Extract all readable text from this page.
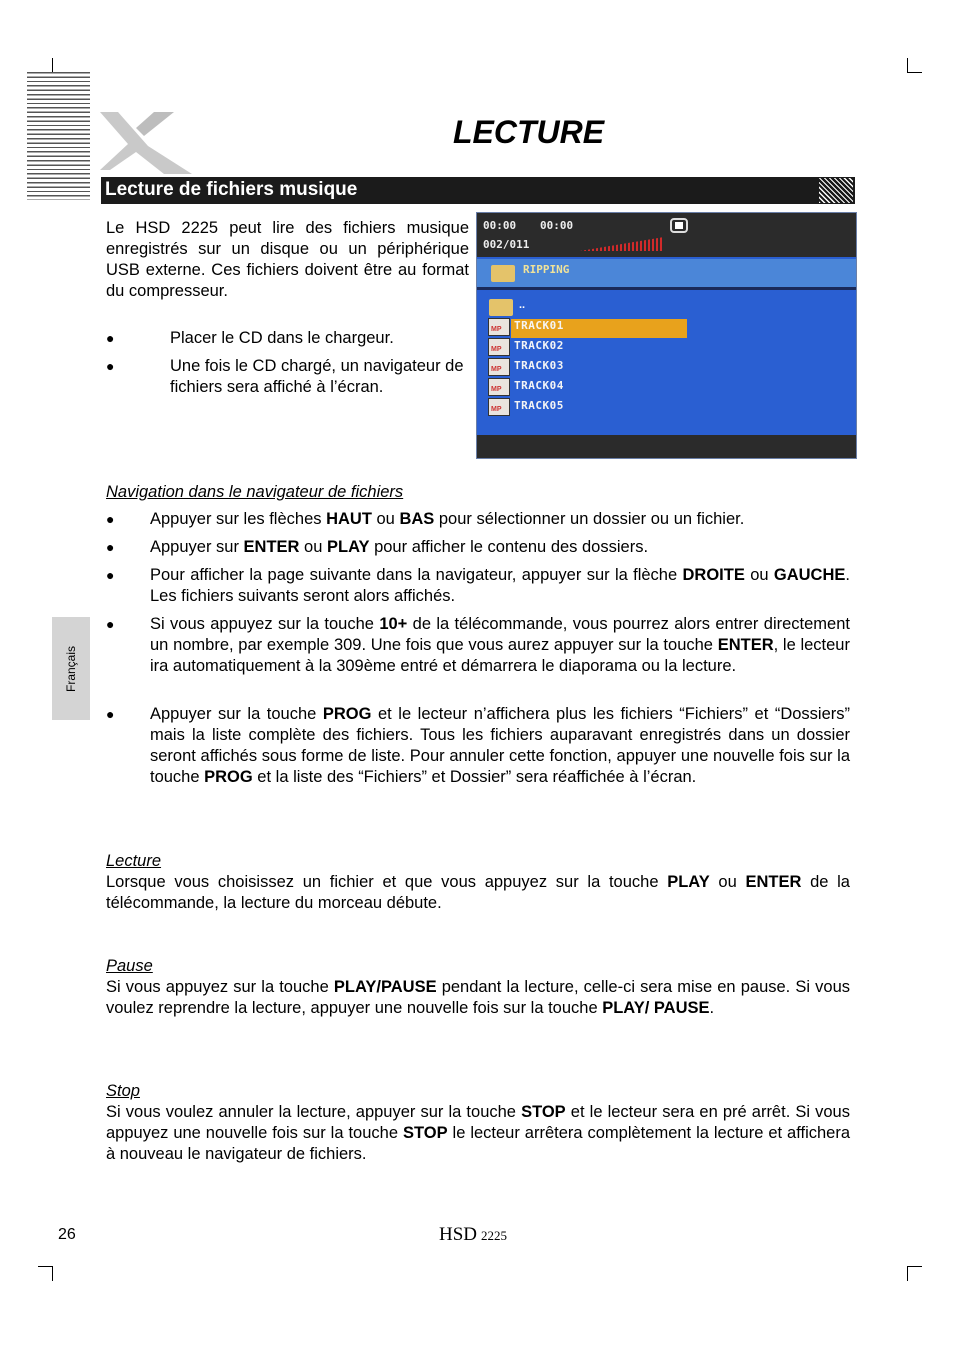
LECTURE
Lecture de fichiers musique

Le HSD 2225 peut lire des fichiers musique enregistrés sur un disque ou un périphérique USB externe. Ces fichiers doivent être au format du compresseur.

●	Placer le CD dans le chargeur.
●	Une fois le CD chargé, un navigateur de fichiers sera affiché à l’écran.
00:00 00:00
002/011
RIPPING
..
MP TRACK01
MP TRACK02
MP TRACK03
MP TRACK04
MP TRACK05
Navigation dans le navigateur de fichiers
● Appuyer sur les flèches HAUT ou BAS pour sélectionner un dossier ou un fichier.
● Appuyer sur ENTER ou PLAY pour afficher le contenu des dossiers.
● Pour afficher la page suivante dans la navigateur, appuyer sur la flèche DROITE ou GAUCHE. Les fichiers suivants seront alors affichés.
● Si vous appuyez sur la touche 10+ de la télécommande, vous pourrez alors entrer directement un nombre, par exemple 309. Une fois que vous aurez appuyer sur la touche ENTER, le lecteur ira automatiquement à la 309ème entré et démarrera le diaporama ou la lecture.
● Appuyer sur la touche PROG et le lecteur n’affichera plus les fichiers “Fichiers” et “Dossiers” mais la liste complète des fichiers. Tous les fichiers auparavant enregistrés dans un dossier seront affichés sous forme de liste. Pour annuler cette fonction, appuyer une nouvelle fois sur la touche PROG et la liste des “Fichiers” et Dossier” sera réaffichée à l’écran.
Lecture

Lorsque vous choisissez un fichier et que vous appuyez sur la touche PLAY ou ENTER de la télécommande, la lecture du morceau débute.

Pause

Si vous appuyez sur la touche PLAY/PAUSE pendant la lecture, celle-ci sera mise en pause. Si vous voulez reprendre la lecture, appuyer une nouvelle fois sur la touche PLAY/ PAUSE.

Stop

Si vous voulez annuler la lecture, appuyer sur la touche STOP et le lecteur sera en pré arrêt. Si vous appuyez une nouvelle fois sur la touche STOP le lecteur arrêtera complètement la lecture et affichera à nouveau le navigateur de fichiers.

Français
26	HSD 2225
